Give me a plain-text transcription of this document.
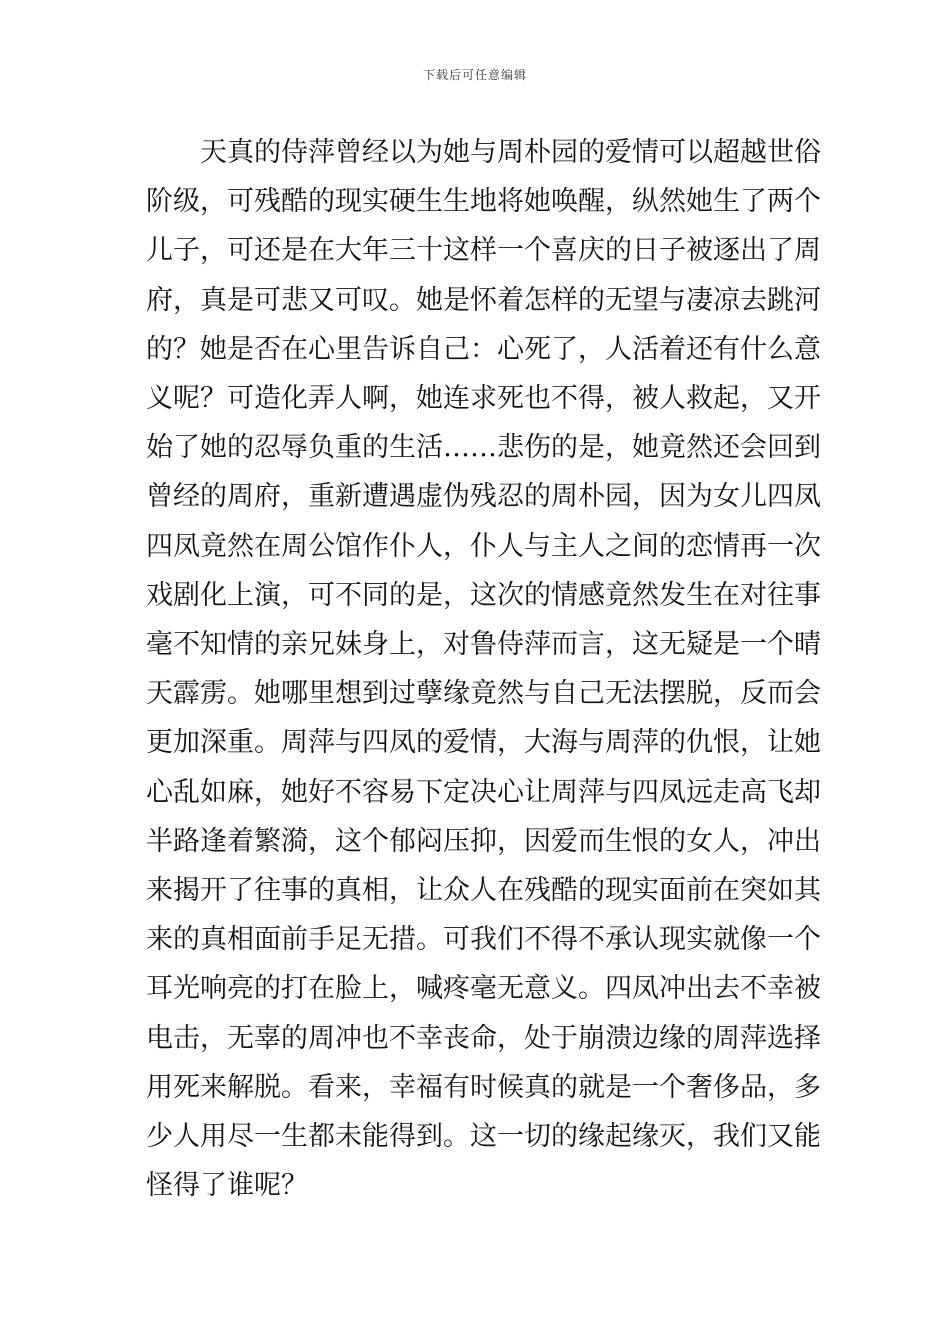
下载后可任意编辑
　　天真的侍萍曾经以为她与周朴园的爱情可以超越世俗
阶级，可残酷的现实硬生生地将她唤醒，纵然她生了两个
儿子，可还是在大年三十这样一个喜庆的日子被逐出了周
府，真是可悲又可叹。她是怀着怎样的无望与凄凉去跳河
的？她是否在心里告诉自己：心死了，人活着还有什么意
义呢？可造化弄人啊，她连求死也不得，被人救起，又开
始了她的忍辱负重的生活……悲伤的是，她竟然还会回到
曾经的周府，重新遭遇虚伪残忍的周朴园，因为女儿四凤
四凤竟然在周公馆作仆人，仆人与主人之间的恋情再一次
戏剧化上演，可不同的是，这次的情感竟然发生在对往事
毫不知情的亲兄妹身上，对鲁侍萍而言，这无疑是一个晴
天霹雳。她哪里想到过孽缘竟然与自己无法摆脱，反而会
更加深重。周萍与四凤的爱情，大海与周萍的仇恨，让她
心乱如麻，她好不容易下定决心让周萍与四凤远走高飞却
半路逢着繁漪，这个郁闷压抑，因爱而生恨的女人，冲出
来揭开了往事的真相，让众人在残酷的现实面前在突如其
来的真相面前手足无措。可我们不得不承认现实就像一个
耳光响亮的打在脸上，喊疼毫无意义。四凤冲出去不幸被
电击，无辜的周冲也不幸丧命，处于崩溃边缘的周萍选择
用死来解脱。看来，幸福有时候真的就是一个奢侈品，多
少人用尽一生都未能得到。这一切的缘起缘灭，我们又能
怪得了谁呢？
